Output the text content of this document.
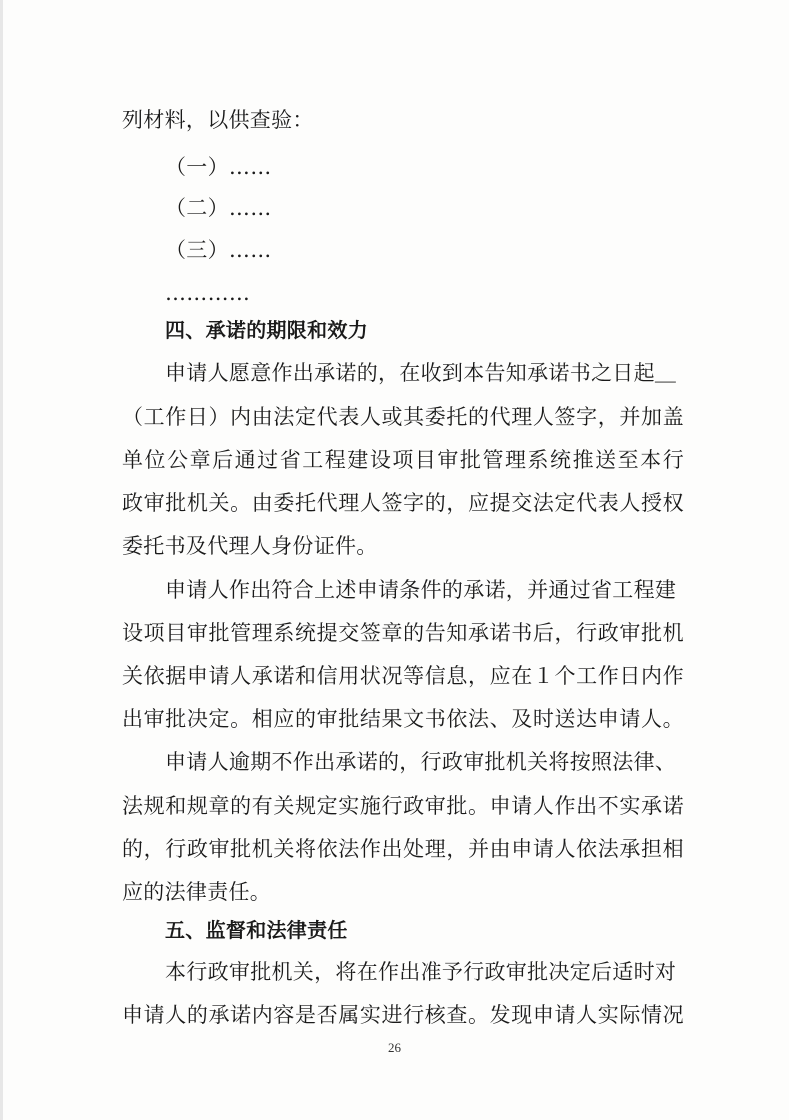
列材料，以供查验：
（一）……
（二）……
（三）……
…………
四、承诺的期限和效力
申请人愿意作出承诺的，在收到本告知承诺书之日起＿
（工作日）内由法定代表人或其委托的代理人签字，并加盖
单位公章后通过省工程建设项目审批管理系统推送至本行
政审批机关。由委托代理人签字的，应提交法定代表人授权
委托书及代理人身份证件。
申请人作出符合上述申请条件的承诺，并通过省工程建
设项目审批管理系统提交签章的告知承诺书后，行政审批机
关依据申请人承诺和信用状况等信息，应在１个工作日内作
出审批决定。相应的审批结果文书依法、及时送达申请人。
申请人逾期不作出承诺的，行政审批机关将按照法律、
法规和规章的有关规定实施行政审批。申请人作出不实承诺
的，行政审批机关将依法作出处理，并由申请人依法承担相
应的法律责任。
五、监督和法律责任
本行政审批机关，将在作出准予行政审批决定后适时对
申请人的承诺内容是否属实进行核查。发现申请人实际情况
26
